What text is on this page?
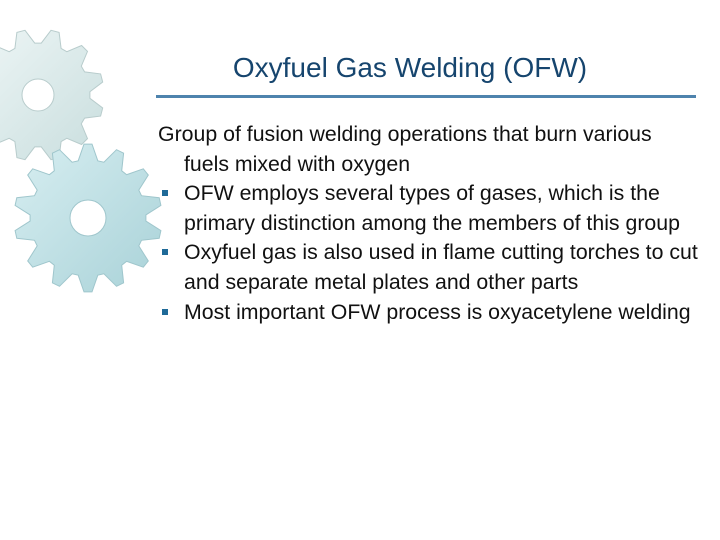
Oxyfuel Gas Welding (OFW)
Group of fusion welding operations that burn various fuels mixed with oxygen
OFW employs several types of gases, which is the primary distinction among the members of this group
Oxyfuel gas is also used in flame cutting torches to cut and separate metal plates and other parts
Most important OFW process is oxyacetylene welding
